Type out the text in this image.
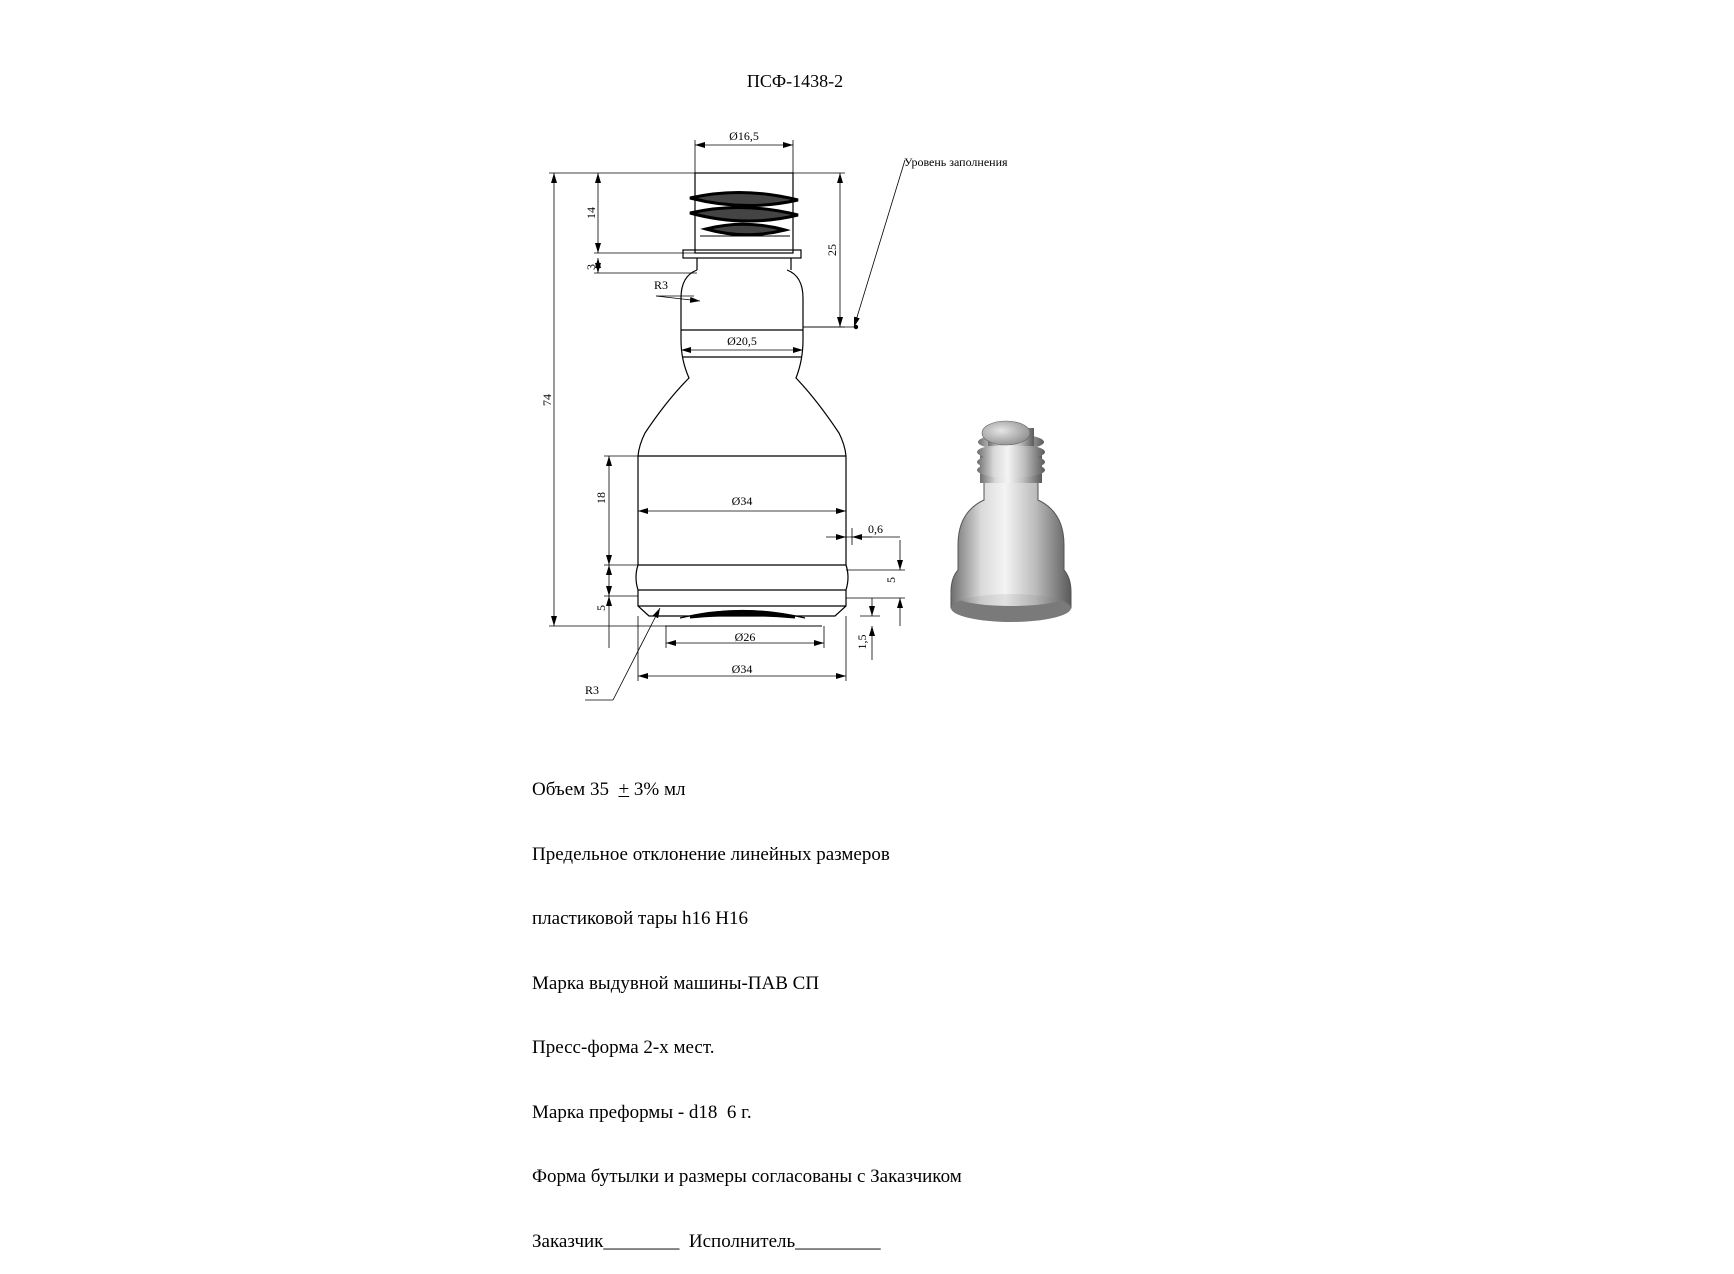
ПСФ-1438-2
Ø16,5
Ø20,5
Ø34
Ø26
Ø34
74
14
3
25
18
5
5
0,6
1,5
R3
R3
Уровень заполнения

Объем 35  + 3% мл

Предельное отклонение линейных размеров

пластиковой тары h16 H16

Марка выдувной машины-ПАВ СП

Пресс-форма 2-х мест.

Марка преформы - d18  6 г.

Форма бутылки и размеры согласованы с Заказчиком

Заказчик________  Исполнитель_________
